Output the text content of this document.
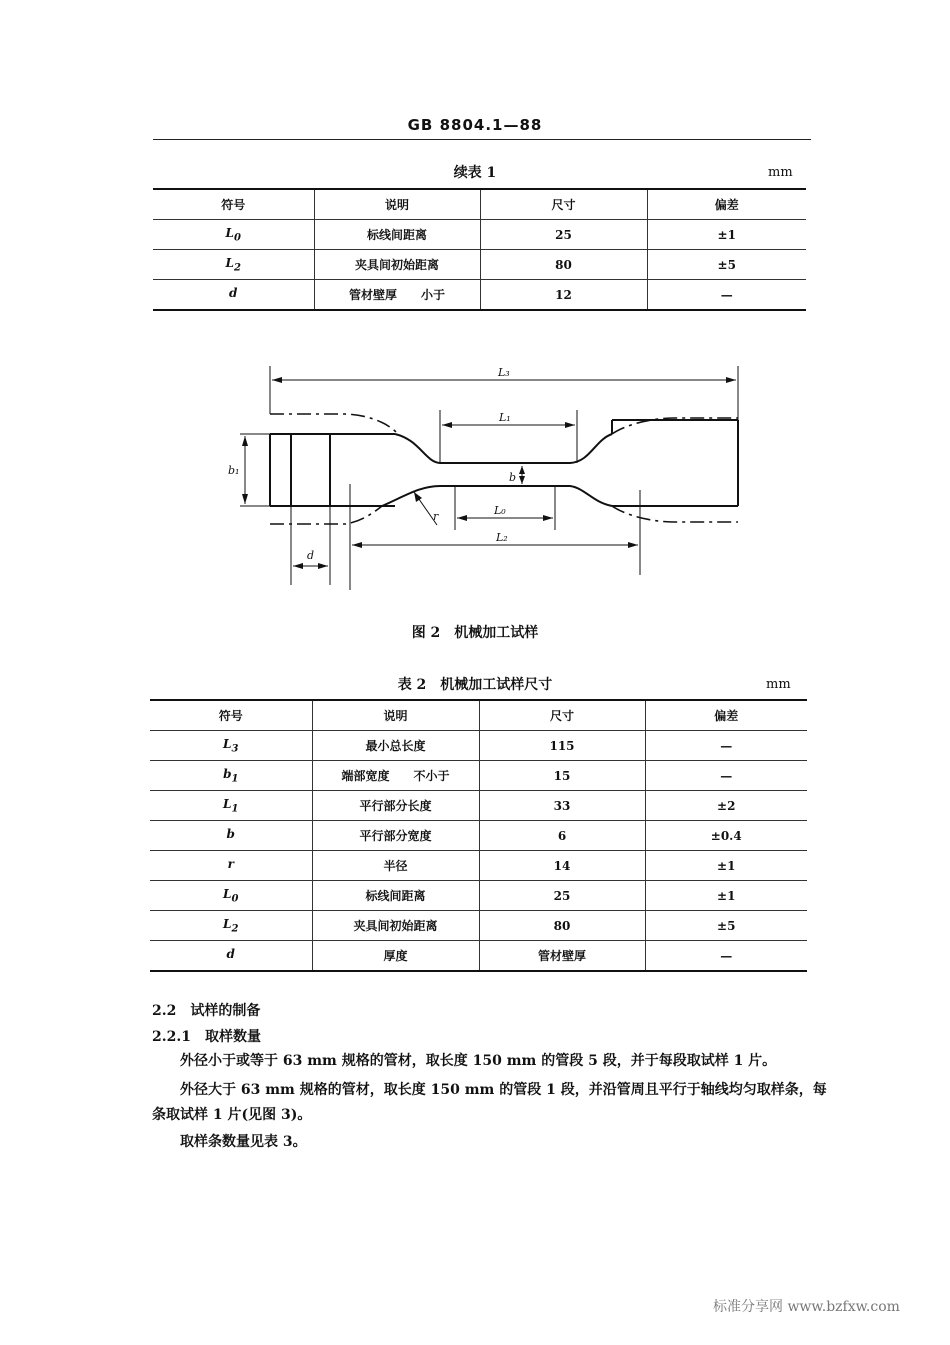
GB 8804.1—88
续表 1	mm
符号	说明	尺寸	偏差
$L_0$	标线间距离	25	±1
$L_2$	夹具间初始距离	80	±5
d	管材壁厚　　小于	12	—
L₃
L₁
L₀
L₂
b₁
b
r
d
图 2　机械加工试样
表 2　机械加工试样尺寸	mm
符号	说明	尺寸	偏差
$L_3$	最小总长度	115	—
$b_1$	端部宽度　　不小于	15	—
$L_1$	平行部分长度	33	±2
b	平行部分宽度	6	±0.4
r	半径	14	±1
$L_0$	标线间距离	25	±1
$L_2$	夹具间初始距离	80	±5
d	厚度	管材壁厚	—
2.2　试样的制备
2.2.1　取样数量
外径小于或等于 63 mm 规格的管材，取长度 150 mm 的管段 5 段，并于每段取试样 1 片。
外径大于 63 mm 规格的管材，取长度 150 mm 的管段 1 段，并沿管周且平行于轴线均匀取样条，每
条取试样 1 片(见图 3)。
取样条数量见表 3。
标准分享网 www.bzfxw.com
